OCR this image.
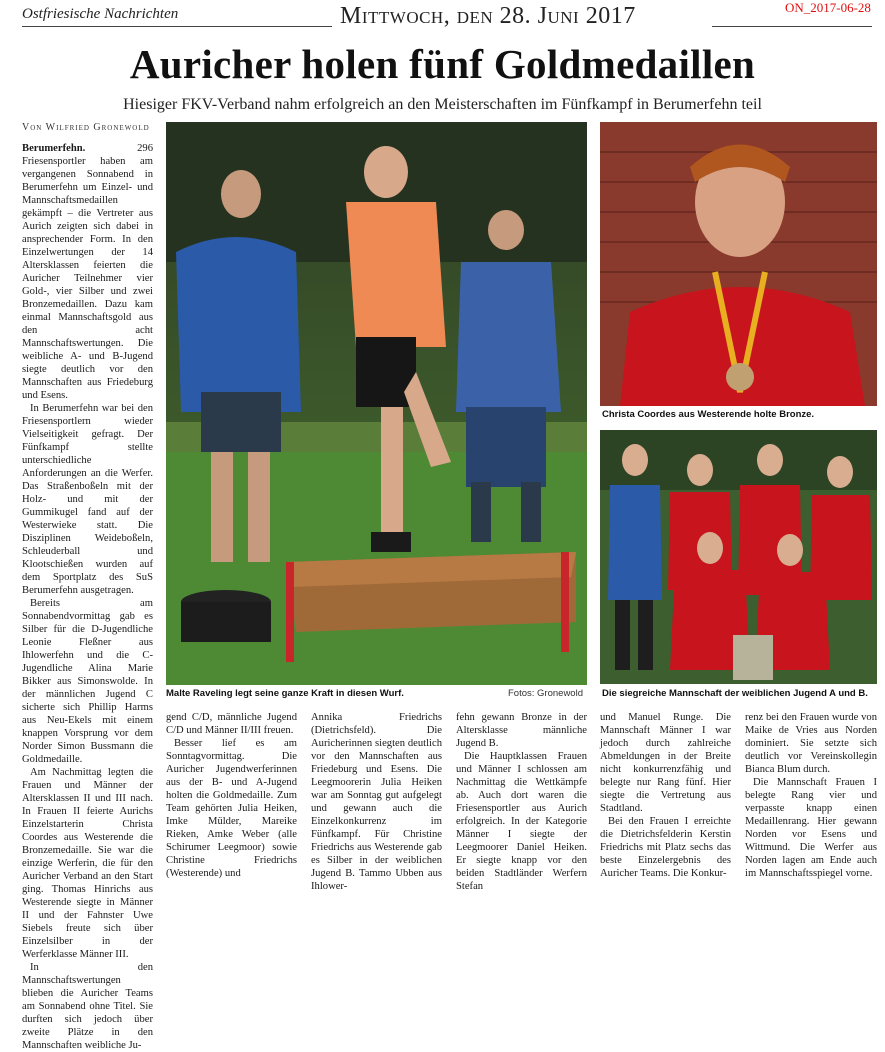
Ostfriesische Nachrichten	Mittwoch, den 28. Juni 2017	ON_2017-06-28
Auricher holen fünf Goldmedaillen
Hiesiger FKV-Verband nahm erfolgreich an den Meisterschaften im Fünfkampf in Berumerfehn teil
Von Wilfried Gronewold

Berumerfehn.	296 Friesensportler haben am vergangenen Sonnabend in Berumerfehn um Einzel- und Mannschaftsmedaillen gekämpft – die Vertreter aus Aurich zeigten sich dabei in ansprechender Form. In den Einzelwertungen der 14 Altersklassen feierten die Auricher Teilnehmer vier Gold-, vier Silber und zwei Bronzemedaillen. Dazu kam einmal Mannschaftsgold aus den acht Mannschaftswertungen. Die weibliche A- und B-Jugend siegte deutlich vor den Mannschaften aus Friedeburg und Esens.

In Berumerfehn war bei den Friesensportlern wieder Vielseitigkeit gefragt. Der Fünfkampf stellte unterschiedliche Anforderungen an die Werfer. Das Straßenboßeln mit der Holz- und mit der Gummikugel fand auf der Westerwieke statt. Die Disziplinen Weideboßeln, Schleuderball und Klootschießen wurden auf dem Sportplatz des SuS Berumerfehn ausgetragen.

Bereits am Sonnabendvormittag gab es Silber für die D-Jugendliche Leonie Fleßner aus Ihlowerfehn und die C-Jugendliche Alina Marie Bikker aus Simonswolde. In der männlichen Jugend C sicherte sich Phillip Harms aus Neu-Ekels mit einem knappen Vorsprung vor dem Norder Simon Bussmann die Goldmedaille.

Am Nachmittag legten die Frauen und Männer der Altersklassen II und III nach. In Frauen II feierte Aurichs Einzelstarterin Christa Coordes aus Westerende die Bronzemedaille. Sie war die einzige Werferin, die für den Auricher Verband an den Start ging. Thomas Hinrichs aus Westerende siegte in Männer II und der Fahnster Uwe Siebels freute sich über Einzelsilber in der Werferklasse Männer III.

In den Mannschaftswertungen blieben die Auricher Teams am Sonnabend ohne Titel. Sie durften sich jedoch über zweite Plätze in den Mannschaften weibliche Ju-

Malte Raveling legt seine ganze Kraft in diesen Wurf.	Fotos: Gronewold
Christa Coordes aus Westerende holte Bronze.
Die siegreiche Mannschaft der weiblichen Jugend A und B.

gend C/D, männliche Jugend C/D und Männer II/III freuen.

Besser lief es am Sonntagvormittag. Die Auricher Jugendwerferinnen aus der B- und A-Jugend holten die Goldmedaille. Zum Team gehörten Julia Heiken, Imke Mülder, Mareike Rieken, Amke Weber (alle Schirumer Leegmoor) sowie Christine Friedrichs (Westerende) und

Annika Friedrichs (Dietrichsfeld). Die Auricherinnen siegten deutlich vor den Mannschaften aus Friedeburg und Esens. Die Leegmoorerin Julia Heiken war am Sonntag gut aufgelegt und gewann auch die Einzelkonkurrenz im Fünfkampf. Für Christine Friedrichs aus Westerende gab es Silber in der weiblichen Jugend B. Tammo Ubben aus Ihlower-

fehn gewann Bronze in der Altersklasse männliche Jugend B.

Die Hauptklassen Frauen und Männer I schlossen am Nachmittag die Wettkämpfe ab. Auch dort waren die Friesensportler aus Aurich erfolgreich. In der Kategorie Männer I siegte der Leegmoorer Daniel Heiken. Er siegte knapp vor den beiden Stadtländer Werfern Stefan

und Manuel Runge. Die Mannschaft Männer I war jedoch durch zahlreiche Abmeldungen in der Breite nicht konkurrenzfähig und belegte nur Rang fünf. Hier siegte die Vertretung aus Stadtland.

Bei den Frauen I erreichte die Dietrichsfelderin Kerstin Friedrichs mit Platz sechs das beste Einzelergebnis des Auricher Teams. Die Konkur-

renz bei den Frauen wurde von Maike de Vries aus Norden dominiert. Sie setzte sich deutlich vor Vereinskollegin Bianca Blum durch.

Die Mannschaft Frauen I belegte Rang vier und verpasste knapp einen Medaillenrang. Hier gewann Norden vor Esens und Wittmund. Die Werfer aus Norden lagen am Ende auch im Mannschaftsspiegel vorne.
